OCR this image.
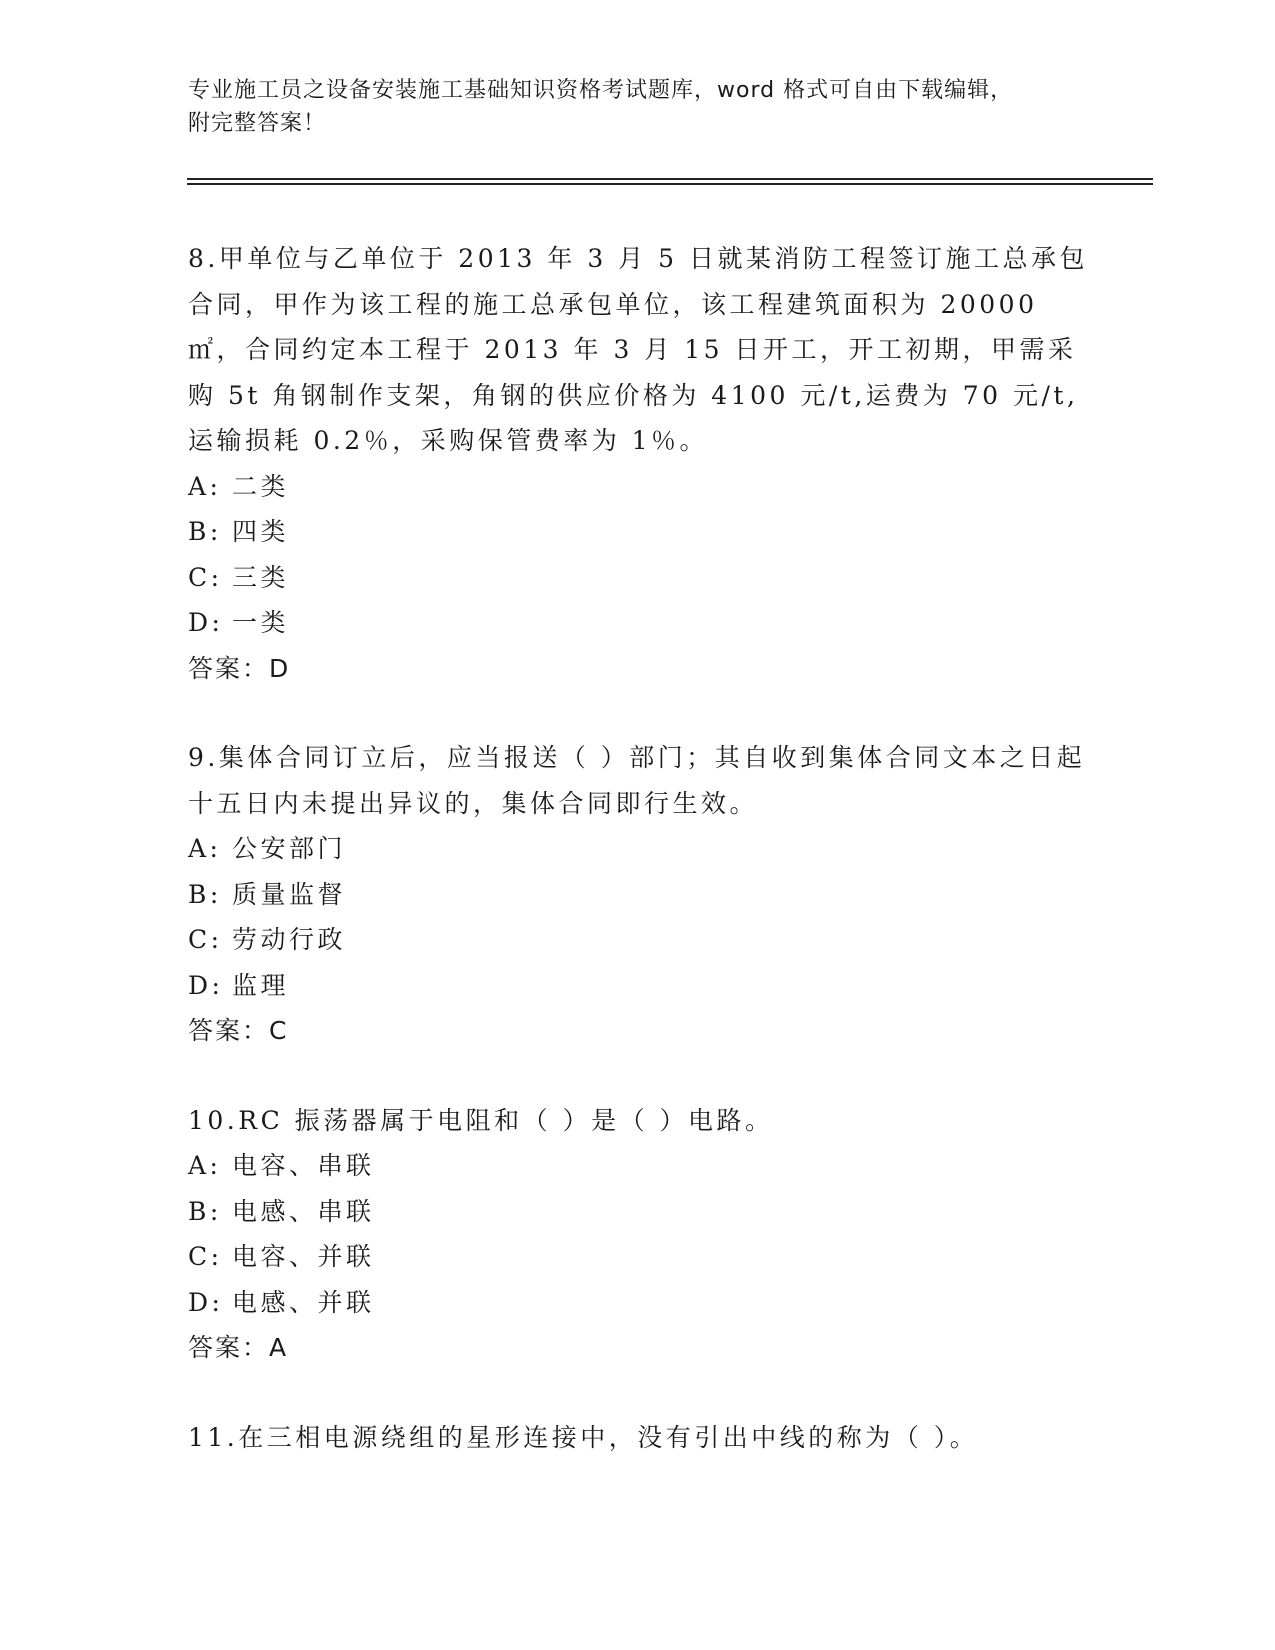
专业施工员之设备安装施工基础知识资格考试题库，word 格式可自由下载编辑，
附完整答案！
8.甲单位与乙单位于 2013 年 3 月 5 日就某消防工程签订施工总承包合同，甲作为该工程的施工总承包单位，该工程建筑面积为 20000㎡，合同约定本工程于 2013 年 3 月 15 日开工，开工初期，甲需采购 5t 角钢制作支架，角钢的供应价格为 4100 元/t,运费为 70 元/t,运输损耗 0.2％，采购保管费率为 1％。
A: 二类
B: 四类
C: 三类
D: 一类
答案：D
9.集体合同订立后，应当报送（ ）部门；其自收到集体合同文本之日起十五日内未提出异议的，集体合同即行生效。
A: 公安部门
B: 质量监督
C: 劳动行政
D: 监理
答案：C
10.RC 振荡器属于电阻和（ ）是（ ）电路。
A: 电容、串联
B: 电感、串联
C: 电容、并联
D: 电感、并联
答案：A
11.在三相电源绕组的星形连接中，没有引出中线的称为（ ）。
